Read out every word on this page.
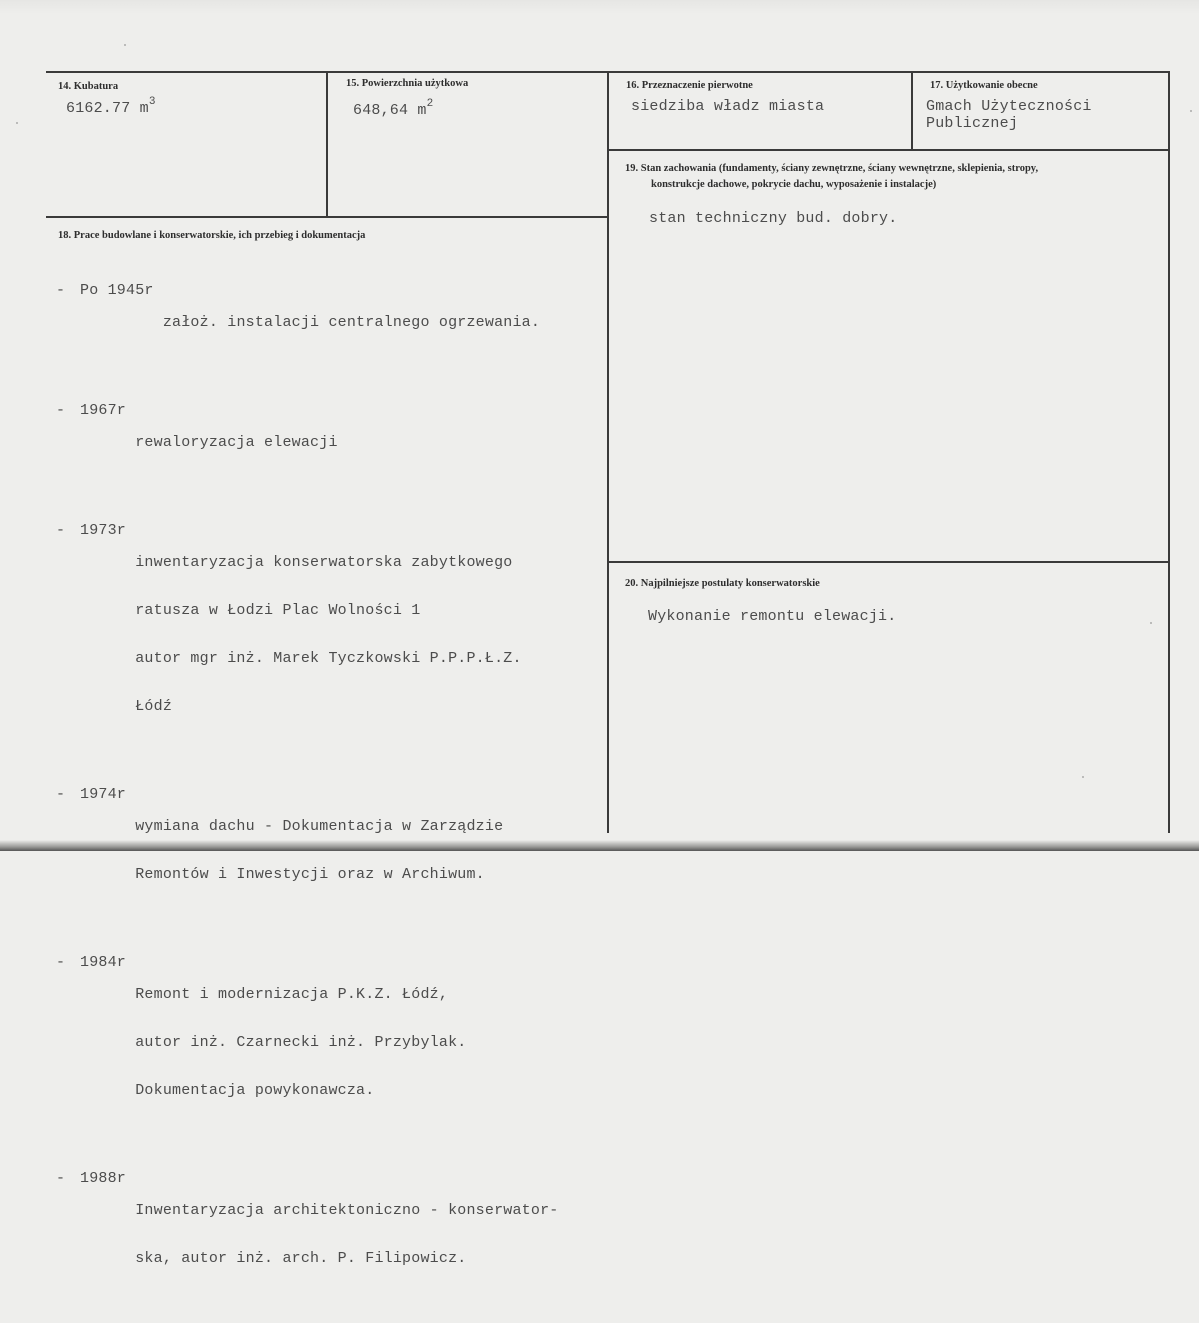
14. Kubatura
6162.77 $m^3$
15. Powierzchnia użytkowa
648,64 $m^2$
16. Przeznaczenie pierwotne
siedziba władz miasta
17. Użytkowanie obecne
Gmach Użyteczności
Publicznej
19. Stan zachowania (fundamenty, ściany zewnętrzne, ściany wewnętrzne, sklepienia, stropy,
konstrukcje dachowe, pokrycie dachu, wyposażenie i instalacje)
stan techniczny bud. dobry.
18. Prace budowlane i konserwatorskie, ich przebieg i dokumentacja

- Po 1945r

założ. instalacji centralnego ogrzewania.

- 1967r

rewaloryzacja elewacji

- 1973r

inwentaryzacja konserwatorska zabytkowego

ratusza w Łodzi Plac Wolności 1

autor mgr inż. Marek Tyczkowski P.P.P.Ł.Z.

Łódź

- 1974r

wymiana dachu - Dokumentacja w Zarządzie

Remontów i Inwestycji oraz w Archiwum.

- 1984r

Remont i modernizacja P.K.Z. Łódź,

autor inż. Czarnecki inż. Przybylak.

Dokumentacja powykonawcza.

- 1988r

Inwentaryzacja architektoniczno - konserwator-

ska, autor inż. arch. P. Filipowicz.

20. Najpilniejsze postulaty konserwatorskie
Wykonanie remontu elewacji.
